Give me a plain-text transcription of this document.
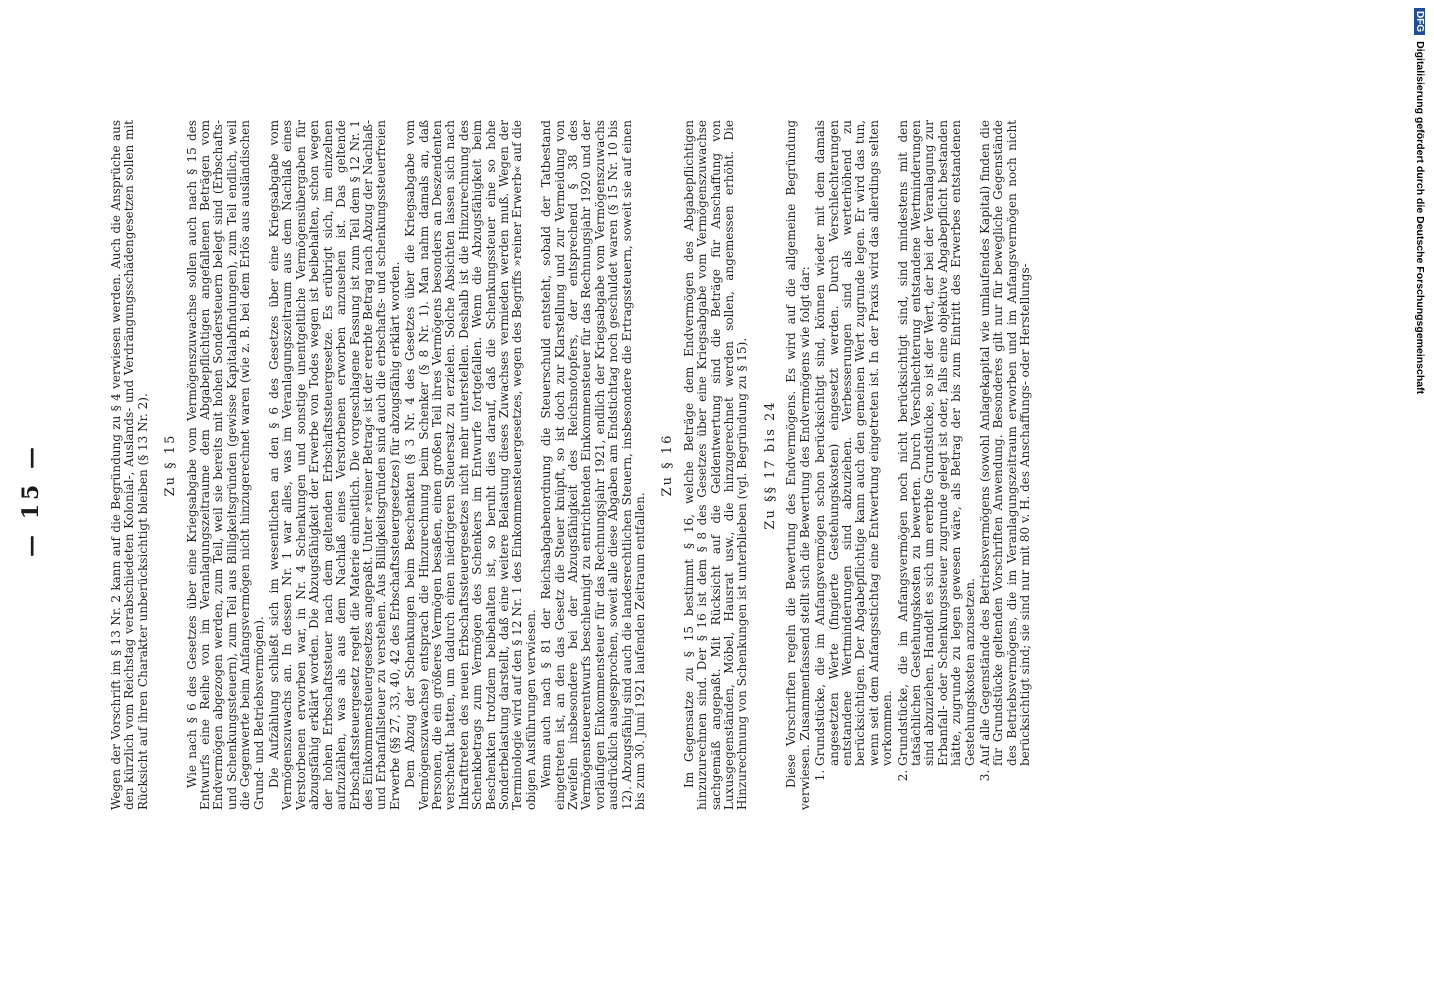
— 15 —	Wegen der Vorschrift im § 13 Nr. 2 kann auf die Begründung zu § 4 verwiesen werden. Auch die Ansprüche aus den kürzlich vom Reichstag verabschiedeten Kolonial-, Auslands- und Verdrängungsschädengesetzen sollen mit Rücksicht auf ihren Charakter unberücksichtigt bleiben (§ 13 Nr. 2). Zu § 15 Wie nach § 6 des Gesetzes über eine Kriegsabgabe vom Vermögenszuwachse sollen auch nach § 15 des Entwurfs eine Reihe von im Veranlagungszeitraume dem Abgabepflichtigen angefallenen Beträgen vom Endvermögen abgezogen werden, zum Teil, weil sie bereits mit hohen Sondersteuern belegt sind (Erbschafts- und Schenkungssteuern), zum Teil aus Billigkeitsgründen (gewisse Kapitalabfindungen), zum Teil endlich, weil die Gegenwerte beim Anfangsvermögen nicht hinzugerechnet waren (wie z. B. bei dem Erlös aus ausländischen Grund- und Betriebsvermögen). Die Aufzählung schließt sich im wesentlichen an den § 6 des Gesetzes über eine Kriegsabgabe vom Vermögenszuwachs an. In dessen Nr. 1 war alles, was im Veranlagungszeitraum aus dem Nachlaß eines Verstorbenen erworben war, in Nr. 4 Schenkungen und sonstige unentgeltliche Vermögensübergaben für abzugsfähig erklärt worden. Die Abzugsfähigkeit der Erwerbe von Todes wegen ist beibehalten, schon wegen der hohen Erbschaftssteuer nach dem geltenden Erbschaftssteuergesetze. Es erübrigt sich, im einzelnen aufzuzählen, was als aus dem Nachlaß eines Verstorbenen erworben anzusehen ist. Das geltende Erbschaftssteuergesetz regelt die Materie einheitlich. Die vorgeschlagene Fassung ist zum Teil dem § 12 Nr. 1 des Einkommensteuergesetzes angepaßt. Unter »reiner Betrag« ist der ererbte Betrag nach Abzug der Nachlaß- und Erbanfallsteuer zu verstehen. Aus Billigkeitsgründen sind auch die erbschafts- und schenkungssteuerfreien Erwerbe (§§ 27, 33, 40, 42 des Erbschaftssteuergesetzes) für abzugsfähig erklärt worden. Dem Abzug der Schenkungen beim Beschenkten (§ 3 Nr. 4 des Gesetzes über die Kriegsabgabe vom Vermögenszuwachse) entsprach die Hinzurechnung beim Schenker (§ 8 Nr. 1). Man nahm damals an, daß Personen, die ein größeres Vermögen besaßen, einen großen Teil ihres Vermögens besonders an Deszendenten verschenkt hatten, um dadurch einen niedrigeren Steuersatz zu erzielen. Solche Absichten lassen sich nach Inkrafttreten des neuen Erbschaftssteuergesetzes nicht mehr unterstellen. Deshalb ist die Hinzurechnung des Schenkbetrags zum Vermögen des Schenkers im Entwurfe fortgefallen. Wenn die Abzugsfähigkeit beim Beschenkten trotzdem beibehalten ist, so beruht dies darauf, daß die Schenkungssteuer eine so hohe Sonderbelastung darstellt, daß eine weitere Belastung dieses Zuwachses vermieden werden muß. Wegen der Terminologie wird auf den § 12 Nr. 1 des Einkommensteuergesetzes, wegen des Begriffs »reiner Erwerb« auf die obigen Ausführungen verwiesen. Wenn auch nach § 81 der Reichsabgabenordnung die Steuerschuld entsteht, sobald der Tatbestand eingetreten ist, an den das Gesetz die Steuer knüpft, so ist doch zur Klarstellung und zur Vermeidung von Zweifeln insbesondere bei der Abzugsfähigkeit des Reichsnotopfers, der entsprechend § 38 des Vermögensteuerentwurfs beschleunigt zu entrichtenden Einkommensteuer für das Rechnungsjahr 1920 und der vorläufigen Einkommensteuer für das Rechnungsjahr 1921, endlich der Kriegsabgabe vom Vermögenszuwachs ausdrücklich ausgesprochen, soweit alle diese Abgaben am Endstichtag noch geschuldet waren (§ 15 Nr. 10 bis 12). Abzugsfähig sind auch die landesrechtlichen Steuern, insbesondere die Ertragssteuern, soweit sie auf einen bis zum 30. Juni 1921 laufenden Zeitraum entfallen.

Zu § 16 Im Gegensatze zu § 15 bestimmt § 16, welche Beträge dem Endvermögen des Abgabepflichtigen hinzuzurechnen sind. Der § 16 ist dem § 8 des Gesetzes über eine Kriegsabgabe vom Vermögenszuwachse sachgemäß angepaßt. Mit Rücksicht auf die Geldentwertung sind die Beträge für Anschaffung von Luxusgegenständen, Möbel, Hausrat usw., die hinzugerechnet werden sollen, angemessen erhöht. Die Hinzurechnung von Schenkungen ist unterblieben (vgl. Begründung zu § 15). Zu §§ 17 bis 24 Diese Vorschriften regeln die Bewertung des Endvermögens. Es wird auf die allgemeine Begründung verwiesen. Zusammenfassend stellt sich die Bewertung des Endvermögens wie folgt dar: 1. Grundstücke, die im Anfangsvermögen schon berücksichtigt sind, können wieder mit dem damals angesetzten Werte (fingierte Gestehungskosten) eingesetzt werden. Durch Verschlechterungen entstandene Wertminderungen sind abzuziehen. Verbesserungen sind als werterhöhend zu berücksichtigen. Der Abgabepflichtige kann auch den gemeinen Wert zugrunde legen. Er wird das tun, wenn seit dem Anfangsstichtag eine Entwertung eingetreten ist. In der Praxis wird das allerdings selten vorkommen. 2. Grundstücke, die im Anfangsvermögen noch nicht berücksichtigt sind, sind mindestens mit den tatsächlichen Gestehungskosten zu bewerten. Durch Verschlechterung entstandene Wertminderungen sind abzuziehen. Handelt es sich um ererbte Grundstücke, so ist der Wert, der bei der Veranlagung zur Erbanfall- oder Schenkungssteuer zugrunde gelegt ist oder, falls eine objektive Abgabepflicht bestanden hätte, zugrunde zu legen gewesen wäre, als Betrag der bis zum Eintritt des Erwerbes entstandenen Gestehungskosten anzusetzen. 3. Auf alle Gegenstände des Betriebsvermögens (sowohl Anlagekapital wie umlaufendes Kapital) finden die für Grundstücke geltenden Vorschriften Anwendung. Besonderes gilt nur für bewegliche Gegenstände des Betriebsvermögens, die im Veranlagungszeitraum erworben und im Anfangsvermögen noch nicht berücksichtigt sind; sie sind nur mit 80 v. H. des Anschaffungs- oder Herstellungs-
DFGDigitalisierung gefördert durch die Deutsche Forschungsgemeinschaft
